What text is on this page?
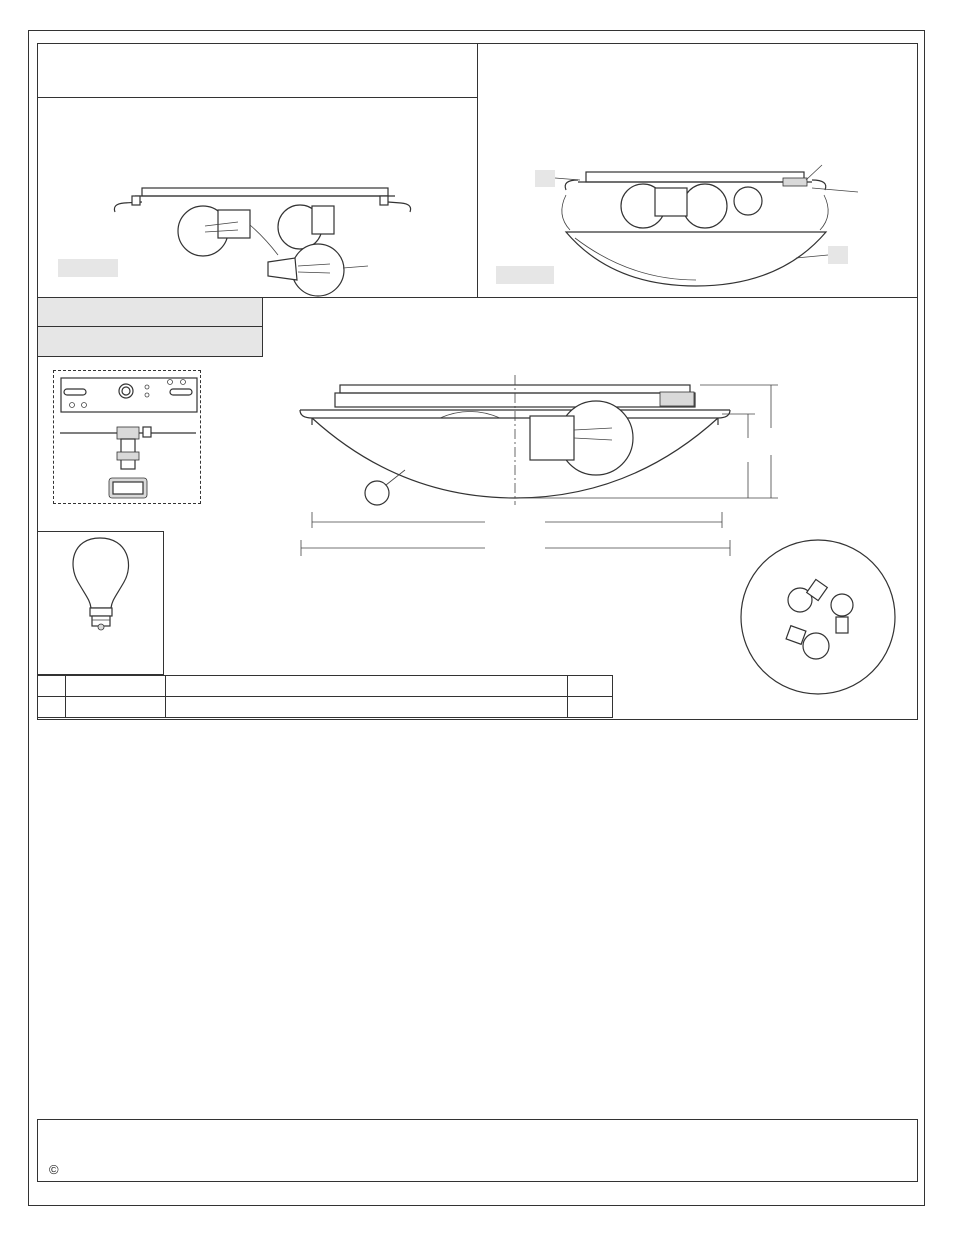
©
